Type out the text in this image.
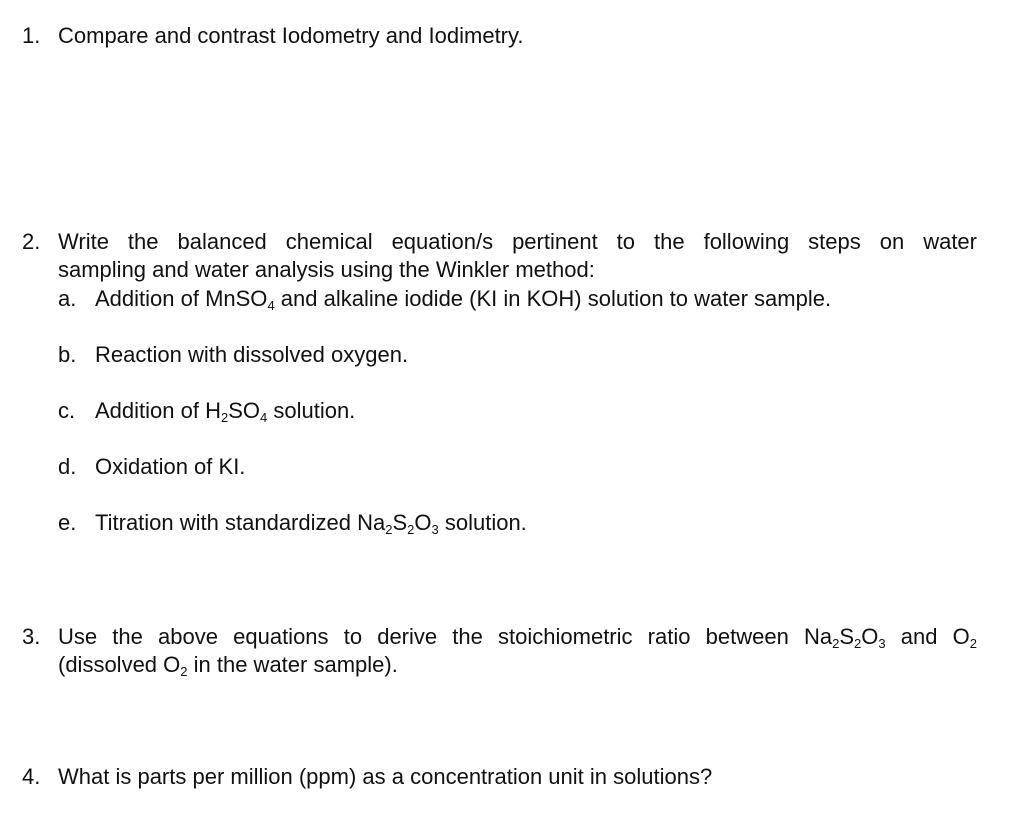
1. Compare and contrast Iodometry and Iodimetry.
2. Write the balanced chemical equation/s pertinent to the following steps on water
sampling and water analysis using the Winkler method:
a. Addition of MnSO$_4$ and alkaline iodide (KI in KOH) solution to water sample.
b. Reaction with dissolved oxygen.
c. Addition of $H_2SO_4$ solution.
d. Oxidation of KI.
e. Titration with standardized $Na_2S_2O_3$ solution.
3. Use the above equations to derive the stoichiometric ratio between $Na_2S_2O_3$ and $O_2$
(dissolved $O_2$ in the water sample).
4. What is parts per million (ppm) as a concentration unit in solutions?
